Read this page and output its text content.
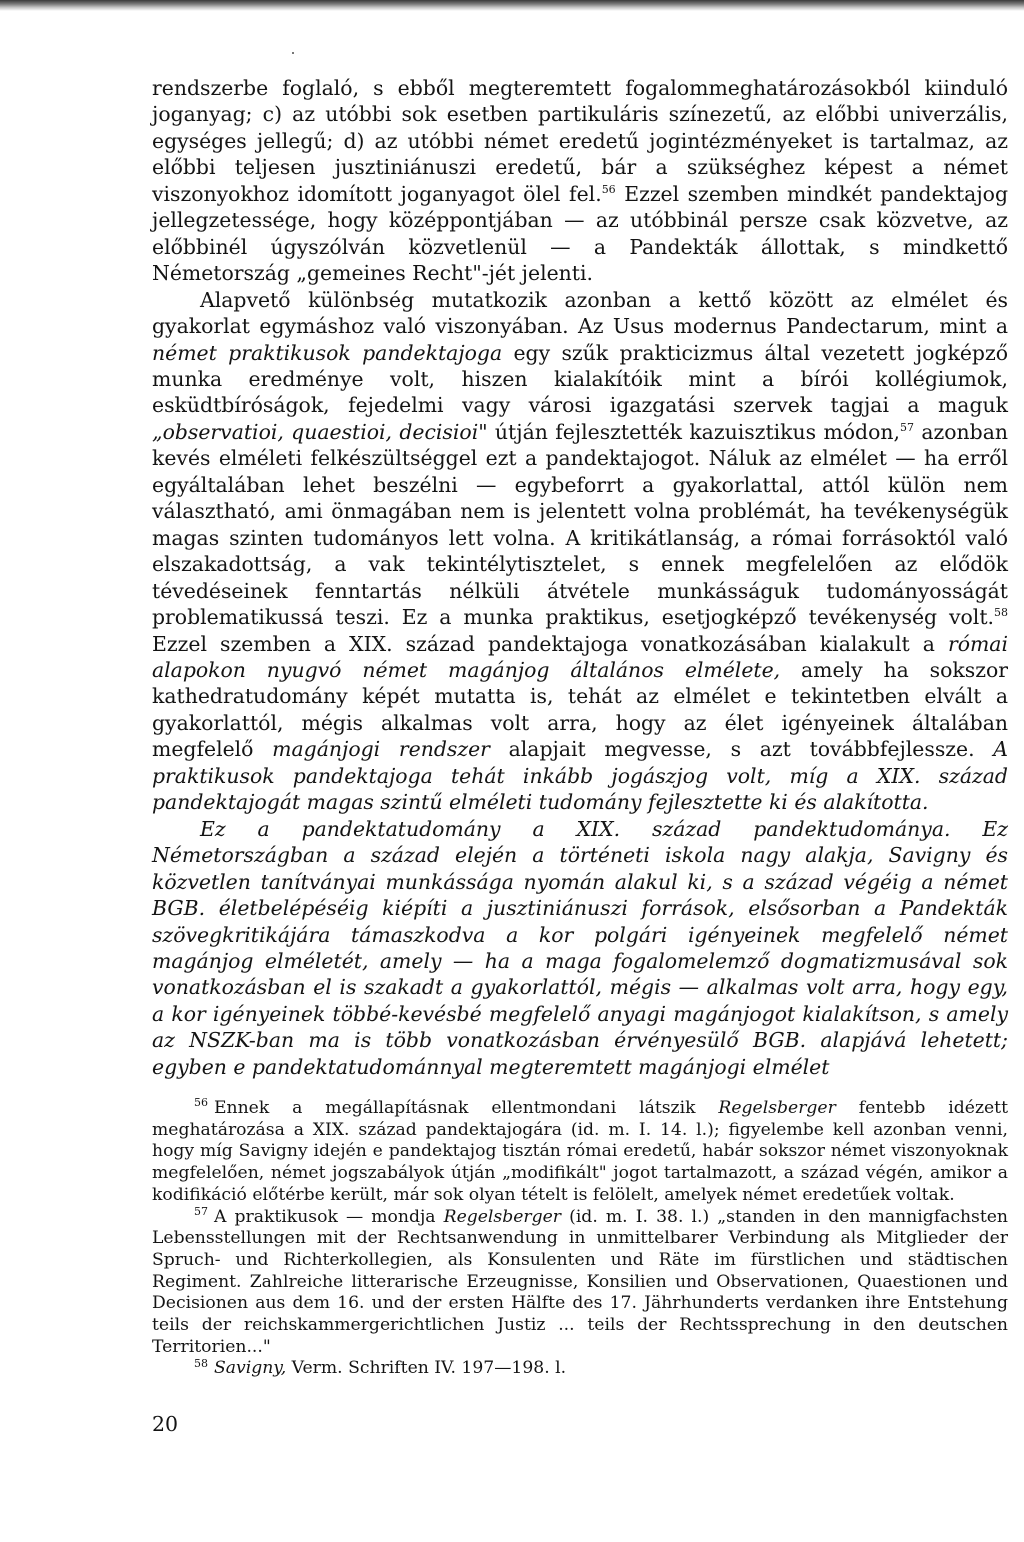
rendszerbe foglaló, s ebből megteremtett fogalommeghatározásokból kiinduló joganyag; c) az utóbbi sok esetben partikuláris színezetű, az előbbi univerzális, egységes jellegű; d) az utóbbi német eredetű jogintézményeket is tartalmaz, az előbbi teljesen jusztiniánuszi eredetű, bár a szükséghez képest a német viszonyokhoz idomított joganyagot ölel fel.$^{56}$ Ezzel szemben mindkét pandektajog jellegzetessége, hogy középpontjában — az utóbbinál persze csak közvetve, az előbbinél úgyszólván közvetlenül — a Pandekták állottak, s mindkettő Németország „gemeines Recht"-jét jelenti.

Alapvető különbség mutatkozik azonban a kettő között az elmélet és gyakorlat egymáshoz való viszonyában. Az Usus modernus Pandectarum, mint a német praktikusok pandektajoga egy szűk prakticizmus által vezetett jogképző munka eredménye volt, hiszen kialakítóik mint a bírói kollégiumok, esküdtbíróságok, fejedelmi vagy városi igazgatási szervek tagjai a maguk „observatioi, quaestioi, decisioi" útján fejlesztették kazuisztikus módon,$^{57}$ azonban kevés elméleti felkészültséggel ezt a pandektajogot. Náluk az elmélet — ha erről egyáltalában lehet beszélni — egybeforrt a gyakorlattal, attól külön nem választható, ami önmagában nem is jelentett volna problémát, ha tevékenységük magas szinten tudományos lett volna. A kritikátlanság, a római forrásoktól való elszakadottság, a vak tekintélytisztelet, s ennek megfelelően az elődök tévedéseinek fenntartás nélküli átvétele munkásságuk tudományosságát problematikussá teszi. Ez a munka praktikus, esetjogképző tevékenység volt.$^{58}$ Ezzel szemben a XIX. század pandektajoga vonatkozásában kialakult a római alapokon nyugvó német magánjog általános elmélete, amely ha sokszor kathedratudomány képét mutatta is, tehát az elmélet e tekintetben elvált a gyakorlattól, mégis alkalmas volt arra, hogy az élet igényeinek általában megfelelő magánjogi rendszer alapjait megvesse, s azt továbbfejlessze. A praktikusok pandektajoga tehát inkább jogászjog volt, míg a XIX. század pandektajogát magas szintű elméleti tudomány fejlesztette ki és alakította.

Ez a pandektatudomány a XIX. század pandektudománya. Ez Németországban a század elején a történeti iskola nagy alakja, Savigny és közvetlen tanítványai munkássága nyomán alakul ki, s a század végéig a német BGB. életbelépéséig kiépíti a jusztiniánuszi források, elsősorban a Pandekták szövegkritikájára támaszkodva a kor polgári igényeinek megfelelő német magánjog elméletét, amely — ha a maga fogalomelemző dogmatizmusával sok vonatkozásban el is szakadt a gyakorlattól, mégis — alkalmas volt arra, hogy egy, a kor igényeinek többé-kevésbé megfelelő anyagi magánjogot kialakítson, s amely az NSZK-ban ma is több vonatkozásban érvényesülő BGB. alapjává lehetett; egyben e pandektatudománnyal megteremtett magánjogi elmélet

$^{56}$ Ennek a megállapításnak ellentmondani látszik Regelsberger fentebb idézett meghatározása a XIX. század pandektajogára (id. m. I. 14. l.); figyelembe kell azonban venni, hogy míg Savigny idején e pandektajog tisztán római eredetű, habár sokszor német viszonyoknak megfelelően, német jogszabályok útján „modifikált" jogot tartalmazott, a század végén, amikor a kodifikáció előtérbe került, már sok olyan tételt is felölelt, amelyek német eredetűek voltak.

$^{57}$ A praktikusok — mondja Regelsberger (id. m. I. 38. l.) „standen in den mannigfachsten Lebensstellungen mit der Rechtsanwendung in unmittelbarer Verbindung als Mitglieder der Spruch- und Richterkollegien, als Konsulenten und Räte im fürstlichen und städtischen Regiment. Zahlreiche litterarische Erzeugnisse, Konsilien und Observationen, Quaestionen und Decisionen aus dem 16. und der ersten Hälfte des 17. Jährhunderts verdanken ihre Entstehung teils der reichskammergerichtlichen Justiz ... teils der Rechtssprechung in den deutschen Territorien..."

$^{58}$ Savigny, Verm. Schriften IV. 197—198. l.

20
